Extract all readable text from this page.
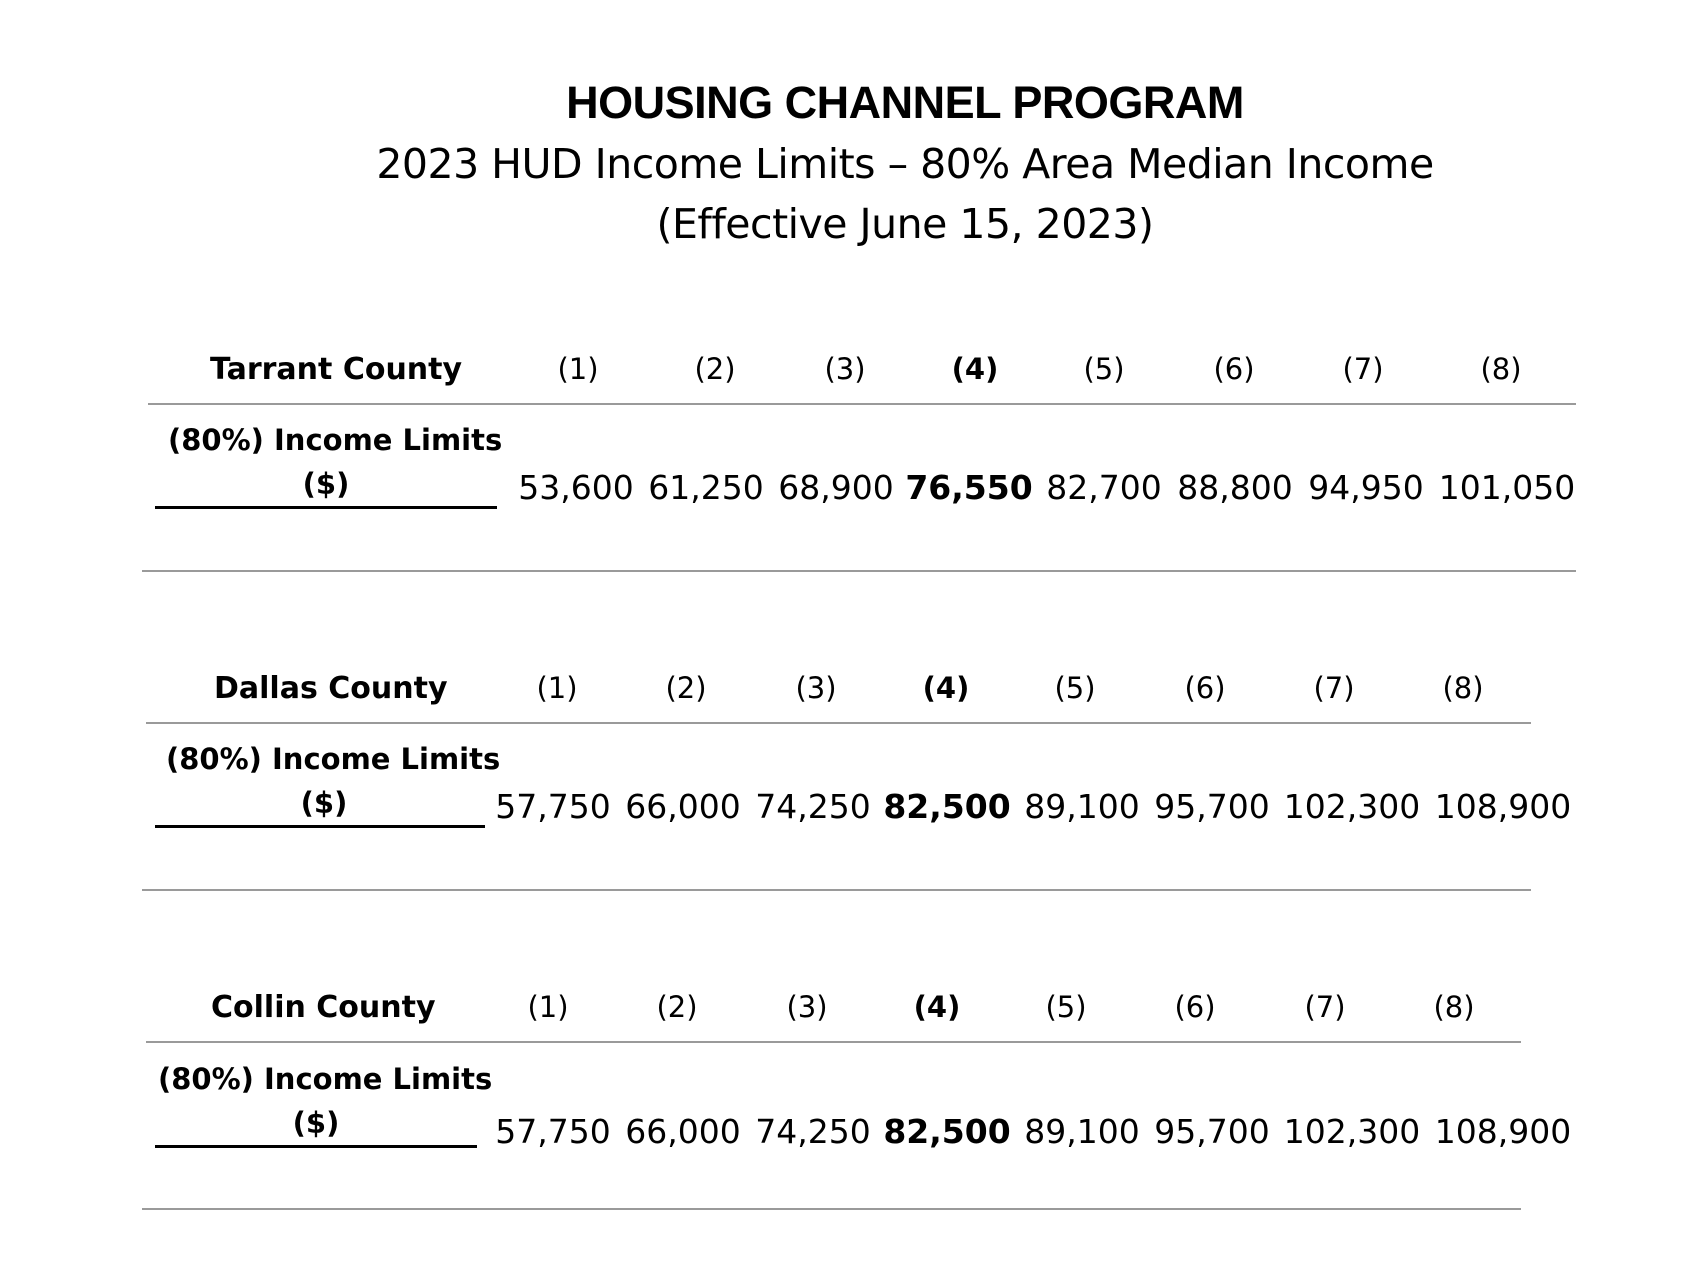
HOUSING CHANNEL PROGRAM
2023 HUD Income Limits – 80% Area Median Income
(Effective June 15, 2023)
Tarrant County	(1)	(2)	(3)	(4)	(5)	(6)	(7)	(8)
(80%) Income Limits
($)	53,600 61,250 68,900 76,550 82,700 88,800 94,950 101,050
Dallas County	(1)	(2)	(3)	(4)	(5)	(6)	(7)	(8)
(80%) Income Limits
($)	57,750 66,000 74,250 82,500 89,100 95,700 102,300 108,900
Collin County	(1)	(2)	(3)	(4)	(5)	(6)	(7)	(8)
(80%) Income Limits
($)	57,750 66,000 74,250 82,500 89,100 95,700 102,300 108,900
